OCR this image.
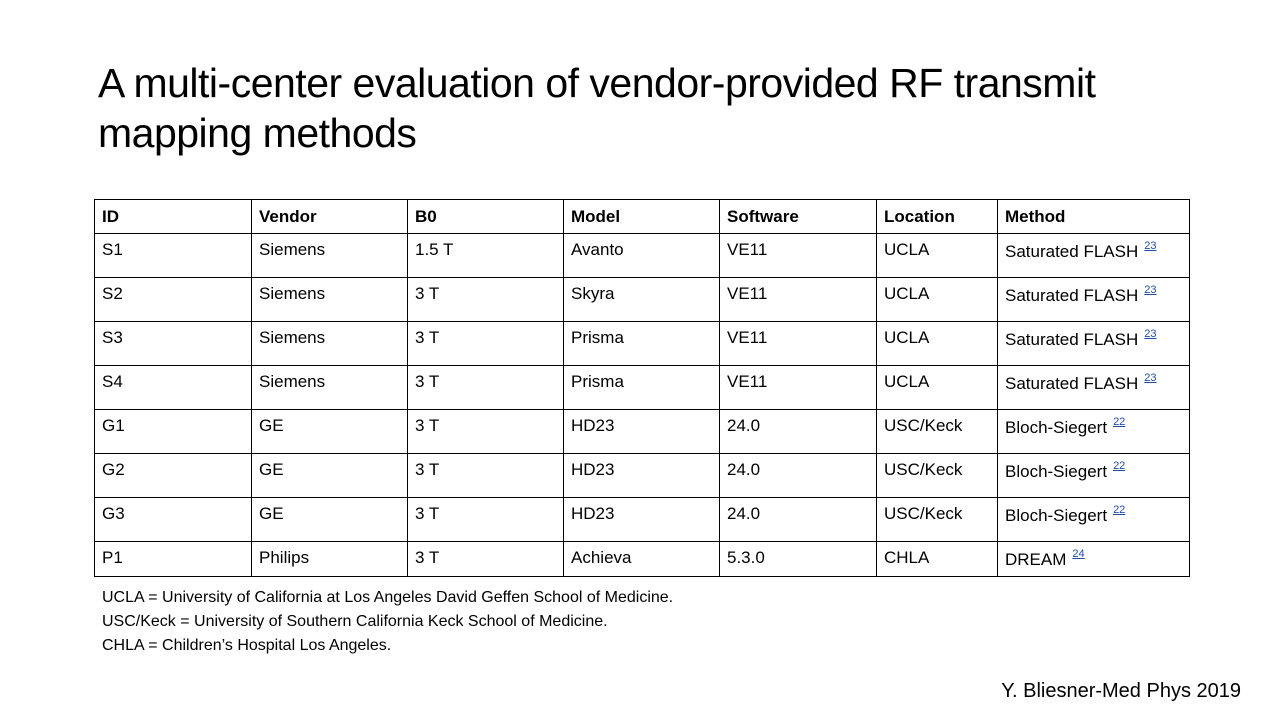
A multi-center evaluation of vendor-provided RF transmit mapping methods
ID	Vendor	B0	Model	Software	Location	Method
S1	Siemens	1.5 T	Avanto	VE11	UCLA	Saturated FLASH $^{23}$
S2	Siemens	3 T	Skyra	VE11	UCLA	Saturated FLASH $^{23}$
S3	Siemens	3 T	Prisma	VE11	UCLA	Saturated FLASH $^{23}$
S4	Siemens	3 T	Prisma	VE11	UCLA	Saturated FLASH $^{23}$
G1	GE	3 T	HD23	24.0	USC/Keck	Bloch-Siegert $^{22}$
G2	GE	3 T	HD23	24.0	USC/Keck	Bloch-Siegert $^{22}$
G3	GE	3 T	HD23	24.0	USC/Keck	Bloch-Siegert $^{22}$
P1	Philips	3 T	Achieva	5.3.0	CHLA	DREAM $^{24}$
UCLA = University of California at Los Angeles David Geffen School of Medicine.
USC/Keck = University of Southern California Keck School of Medicine.
CHLA = Children’s Hospital Los Angeles.
Y. Bliesner-Med Phys 2019
